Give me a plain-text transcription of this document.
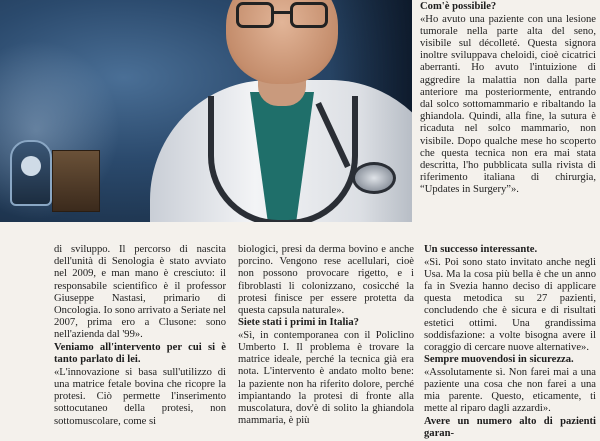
Com'è possibile?

«Ho avuto una paziente con una lesione tumorale nella parte alta del seno, visibile sul décolleté. Questa signora inoltre sviluppava cheloidi, cioè cicatrici aberranti. Ho avuto l'intuizione di aggredire la malattia non dalla parte anteriore ma posteriormente, entrando dal solco sottomammario e ribaltando la ghiandola. Quindi, alla fine, la sutura è ricaduta nel solco mammario, non visibile. Dopo qualche mese ho scoperto che questa tecnica non era mai stata descritta, l'ho pubblicata sulla rivista di riferimento italiana di chirurgia, “Updates in Surgery”».

di sviluppo. Il percorso di nascita dell'unità di Senologia è stato avviato nel 2009, e man mano è cresciuto: il responsabile scientifico è il professor Giuseppe Nastasi, primario di Oncologia. Io sono arrivato a Seriate nel 2007, prima ero a Clusone: sono nell'azienda dal '99».

Veniamo all'intervento per cui si è tanto parlato di lei.

«L'innovazione si basa sull'utilizzo di una matrice fetale bovina che ricopre la protesi. Ciò permette l'inserimento sottocutaneo della protesi, non sottomuscolare, come si

biologici, presi da derma bovino e anche porcino. Vengono rese acellulari, cioè non possono provocare rigetto, e i fibroblasti li colonizzano, cosicché la protesi finisce per essere protetta da questa capsula naturale».

Siete stati i primi in Italia?

«Sì, in contemporanea con il Policlino Umberto I. Il problema è trovare la matrice ideale, perché la tecnica già era nota. L'intervento è andato molto bene: la paziente non ha riferito dolore, perché impiantando la protesi di fronte alla muscolatura, dov'è di solito la ghiandola mammaria, è più

Un successo interessante.

«Sì. Poi sono stato invitato anche negli Usa. Ma la cosa più bella è che un anno fa in Svezia hanno deciso di applicare questa metodica su 27 pazienti, concludendo che è sicura e di risultati estetici ottimi. Una grandissima soddisfazione: a volte bisogna avere il coraggio di cercare nuove alternative».

Sempre muovendosi in sicurezza.

«Assolutamente sì. Non farei mai a una paziente una cosa che non farei a una mia parente. Questo, eticamente, ti mette al riparo dagli azzardi».

Avere un numero alto di pazienti garan-
